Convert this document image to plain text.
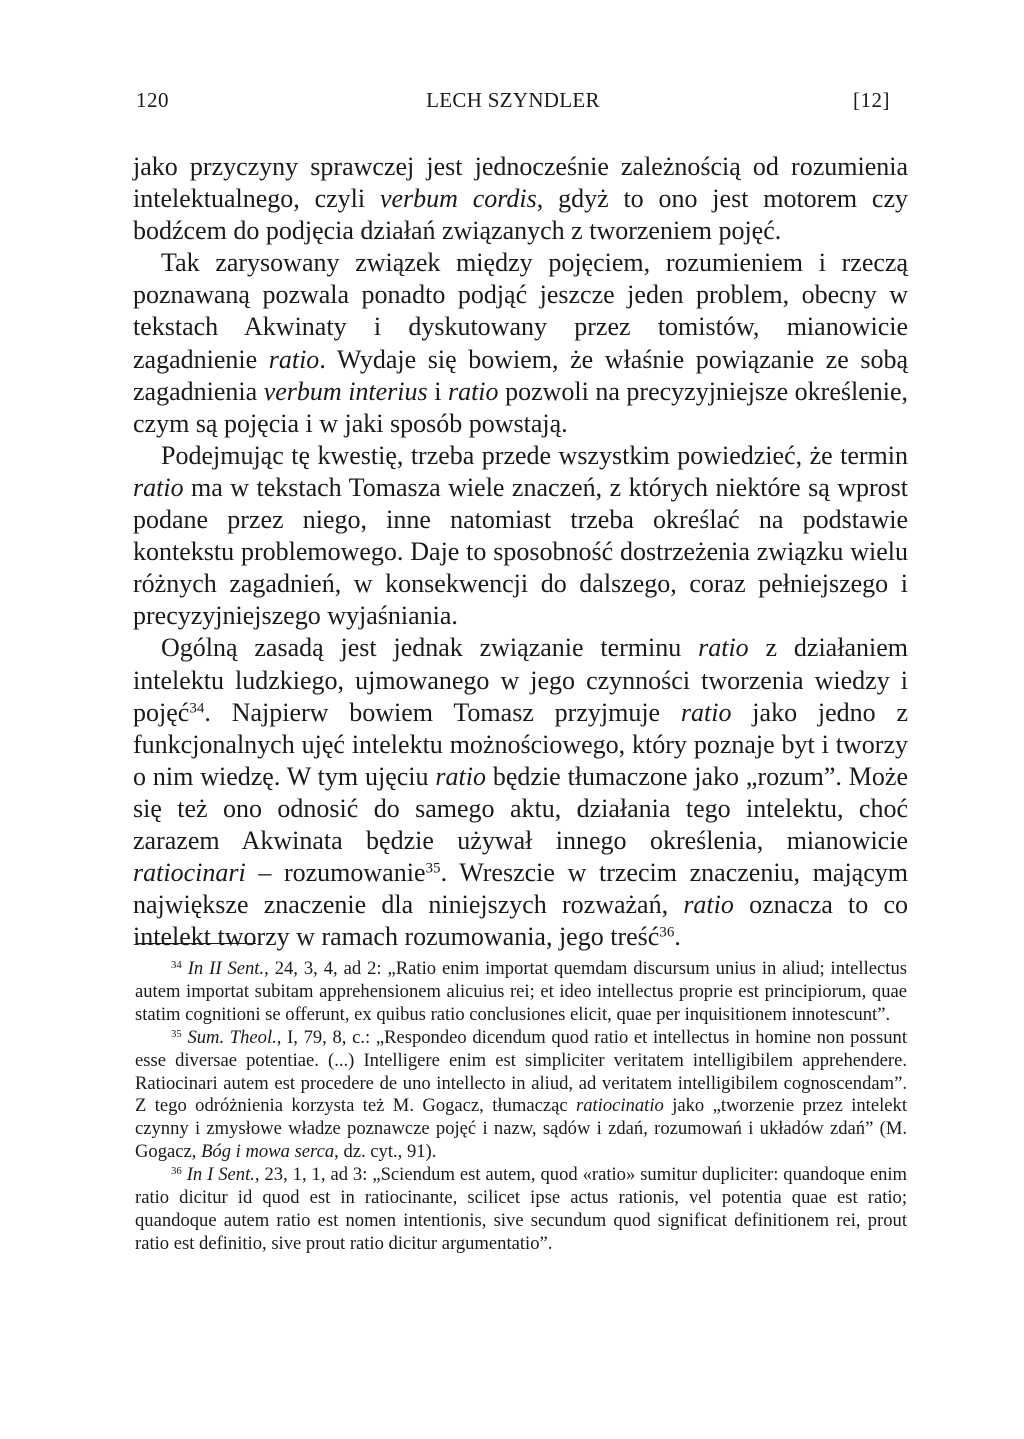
120	LECH SZYNDLER	[12]

jako przyczyny sprawczej jest jednocześnie zależnością od rozumienia intelektualnego, czyli verbum cordis, gdyż to ono jest motorem czy bodźcem do podjęcia działań związanych z tworzeniem pojęć.

Tak zarysowany związek między pojęciem, rozumieniem i rzeczą poznawaną pozwala ponadto podjąć jeszcze jeden problem, obecny w tekstach Akwinaty i dyskutowany przez tomistów, mianowicie zagadnienie ratio. Wydaje się bowiem, że właśnie powiązanie ze sobą zagadnienia verbum interius i ratio pozwoli na precyzyjniejsze określenie, czym są pojęcia i w jaki sposób powstają.

Podejmując tę kwestię, trzeba przede wszystkim powiedzieć, że termin ratio ma w tekstach Tomasza wiele znaczeń, z których niektóre są wprost podane przez niego, inne natomiast trzeba określać na podstawie kontekstu problemowego. Daje to sposobność dostrzeżenia związku wielu różnych zagadnień, w konsekwencji do dalszego, coraz pełniejszego i precyzyjniejszego wyjaśniania.

Ogólną zasadą jest jednak związanie terminu ratio z działaniem intelektu ludzkiego, ujmowanego w jego czynności tworzenia wiedzy i pojęć$^{34}$. Najpierw bowiem Tomasz przyjmuje ratio jako jedno z funkcjonalnych ujęć intelektu możnościowego, który poznaje byt i tworzy o nim wiedzę. W tym ujęciu ratio będzie tłumaczone jako „rozum”. Może się też ono odnosić do samego aktu, działania tego intelektu, choć zarazem Akwinata będzie używał innego określenia, mianowicie ratiocinari – rozumowanie$^{35}$. Wreszcie w trzecim znaczeniu, mającym największe znaczenie dla niniejszych rozważań, ratio oznacza to co intelekt tworzy w ramach rozumowania, jego treść$^{36}$.

$^{34}$ In II Sent., 24, 3, 4, ad 2: „Ratio enim importat quemdam discursum unius in aliud; intellectus autem importat subitam apprehensionem alicuius rei; et ideo intellectus proprie est principiorum, quae statim cognitioni se offerunt, ex quibus ratio conclusiones elicit, quae per inquisitionem innotescunt”.

$^{35}$ Sum. Theol., I, 79, 8, c.: „Respondeo dicendum quod ratio et intellectus in homine non possunt esse diversae potentiae. (...) Intelligere enim est simpliciter veritatem intelligibilem apprehendere. Ratiocinari autem est procedere de uno intellecto in aliud, ad veritatem intelligibilem cognoscendam”. Z tego odróżnienia korzysta też M. Gogacz, tłumacząc ratiocinatio jako „tworzenie przez intelekt czynny i zmysłowe władze poznawcze pojęć i nazw, sądów i zdań, rozumowań i układów zdań” (M. Gogacz, Bóg i mowa serca, dz. cyt., 91).

$^{36}$ In I Sent., 23, 1, 1, ad 3: „Sciendum est autem, quod «ratio» sumitur dupliciter: quandoque enim ratio dicitur id quod est in ratiocinante, scilicet ipse actus rationis, vel potentia quae est ratio; quandoque autem ratio est nomen intentionis, sive secundum quod significat definitionem rei, prout ratio est definitio, sive prout ratio dicitur argumentatio”.
